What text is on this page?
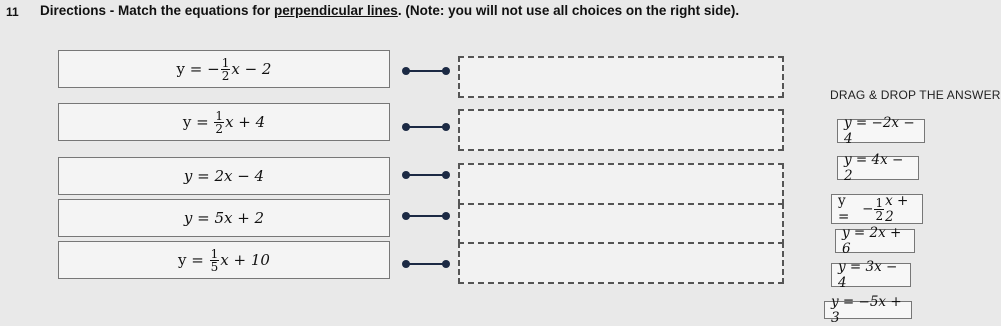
11 Directions - Match the equations for perpendicular lines. (Note: you will not use all choices on the right side).
y =
− $\frac{1}{2}$ x − 2
y =
$\frac{1}{2}$ x + 4
y = 2x − 4
y = 5x + 2
y =
$\frac{1}{5}$ x + 10
DRAG & DROP THE ANSWER
y = −2x − 4
y = 4x − 2
y =
− $\frac{1}{2}$ x + 2
y = 2x + 6
y = 3x − 4
y = −5x + 3
